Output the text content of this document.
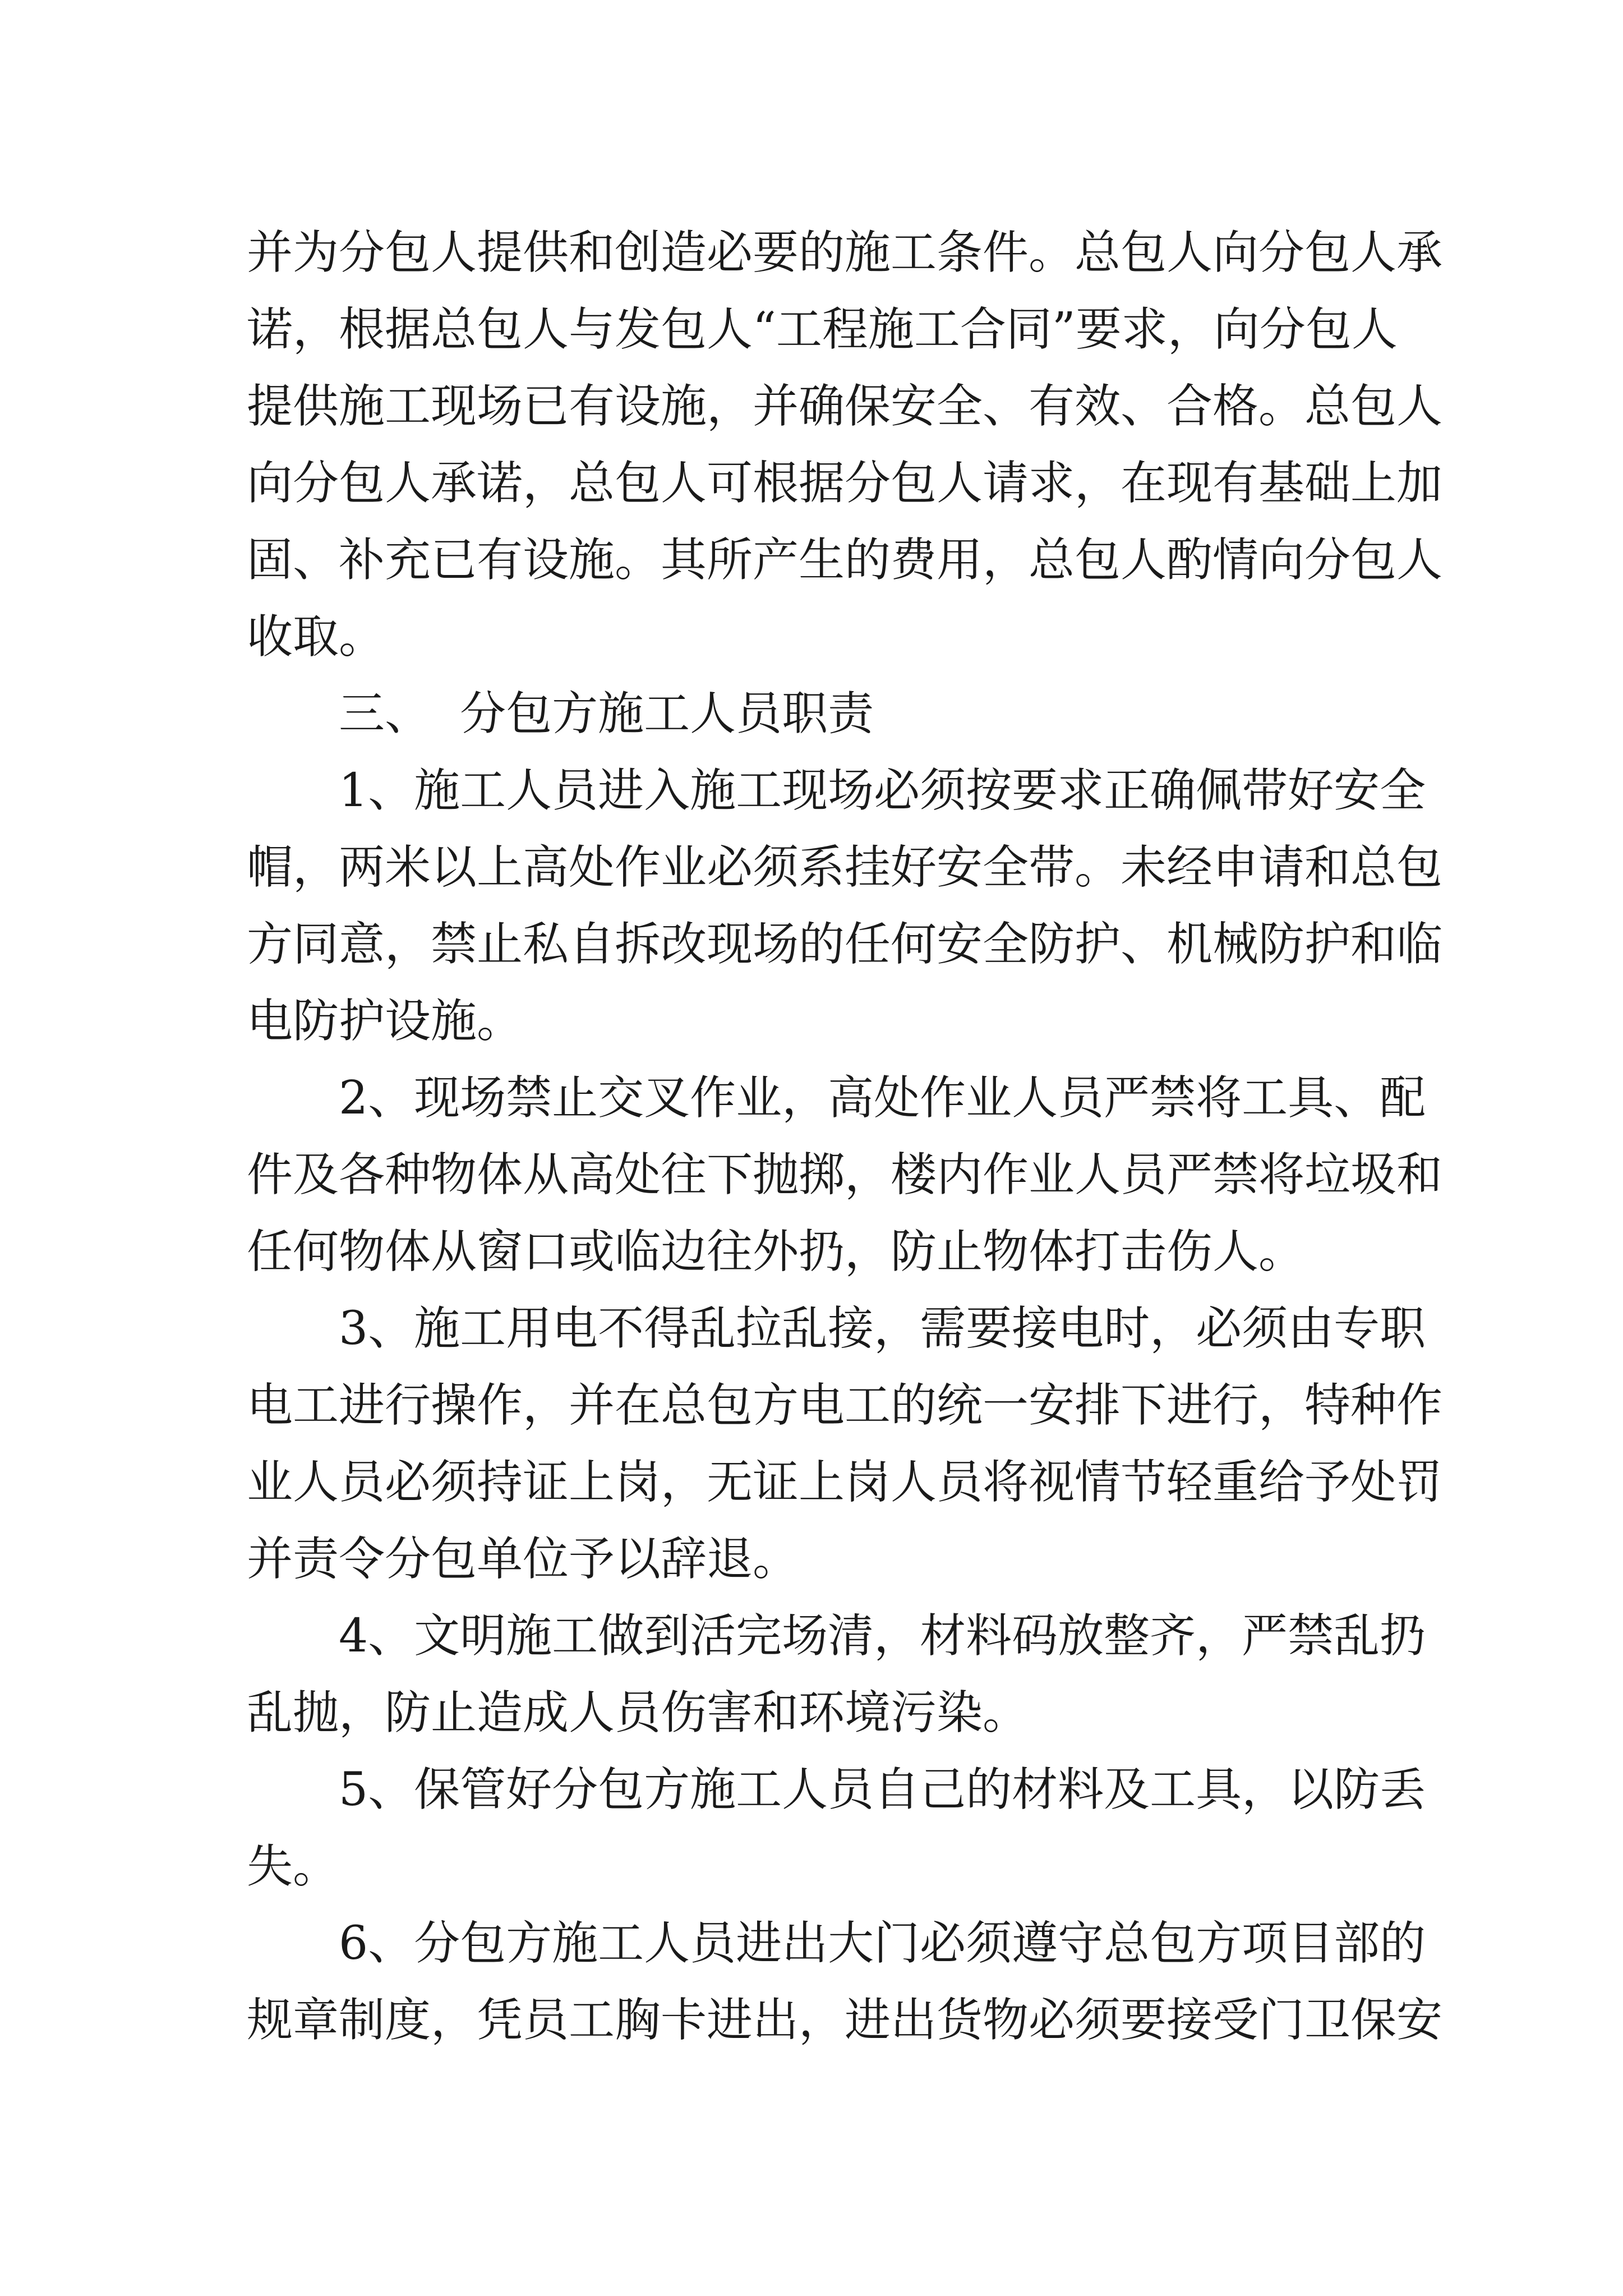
并为分包人提供和创造必要的施工条件。总包人向分包人承
诺，根据总包人与发包人“工程施工合同”要求，向分包人
提供施工现场已有设施，并确保安全、有效、合格。总包人
向分包人承诺，总包人可根据分包人请求，在现有基础上加
固、补充已有设施。其所产生的费用，总包人酌情向分包人
收取。
三、  分包方施工人员职责
1、施工人员进入施工现场必须按要求正确佩带好安全
帽，两米以上高处作业必须系挂好安全带。未经申请和总包
方同意，禁止私自拆改现场的任何安全防护、机械防护和临
电防护设施。
2、现场禁止交叉作业，高处作业人员严禁将工具、配
件及各种物体从高处往下抛掷，楼内作业人员严禁将垃圾和
任何物体从窗口或临边往外扔，防止物体打击伤人。
3、施工用电不得乱拉乱接，需要接电时，必须由专职
电工进行操作，并在总包方电工的统一安排下进行，特种作
业人员必须持证上岗，无证上岗人员将视情节轻重给予处罚
并责令分包单位予以辞退。
4、文明施工做到活完场清，材料码放整齐，严禁乱扔
乱抛，防止造成人员伤害和环境污染。
5、保管好分包方施工人员自己的材料及工具，以防丢
失。
6、分包方施工人员进出大门必须遵守总包方项目部的
规章制度，凭员工胸卡进出，进出货物必须要接受门卫保安
